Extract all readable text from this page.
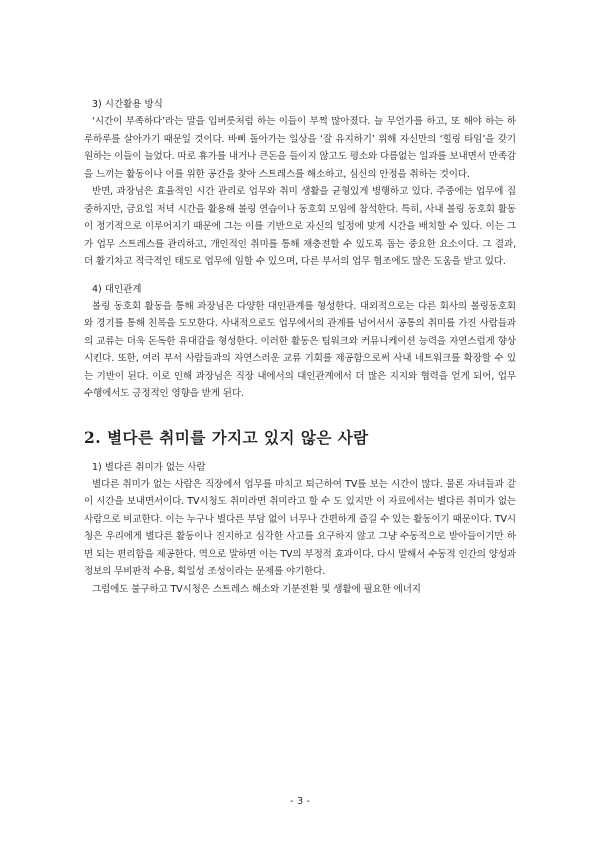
3) 시간활용 방식

‘시간이 부족하다’라는 말을 입버릇처럼 하는 이들이 부쩍 많아졌다. 늘 무언가를 하고, 또 해야 하는 하루하루를 살아가기 때문일 것이다. 바삐 돌아가는 일상을 ‘잘 유지하기’ 위해 자신만의 ‘힐링 타임’을 갖기 원하는 이들이 늘었다. 따로 휴가를 내거나 큰돈을 들이지 않고도 평소와 다름없는 일과를 보내면서 만족감을 느끼는 활동이나 이를 위한 공간을 찾아 스트레스를 해소하고, 심신의 안정을 취하는 것이다.

반면, 과장님은 효율적인 시간 관리로 업무와 취미 생활을 균형있게 병행하고 있다. 주중에는 업무에 집중하지만, 금요일 저녁 시간을 활용해 볼링 연습이나 동호회 모임에 참석한다. 특히, 사내 볼링 동호회 활동이 정기적으로 이루어지기 때문에 그는 이를 기반으로 자신의 일정에 맞게 시간을 배치할 수 있다. 이는 그가 업무 스트레스를 관리하고, 개인적인 취미를 통해 재충전할 수 있도록 돕는 중요한 요소이다. 그 결과, 더 활기차고 적극적인 태도로 업무에 임할 수 있으며, 다른 부서의 업무 협조에도 많은 도움을 받고 있다.

4) 대인관계

볼링 동호회 활동을 통해 과장님은 다양한 대인관계를 형성한다. 대외적으로는 다른 회사의 볼링동호회와 경기를 통해 친목을 도모한다. 사내적으로도 업무에서의 관계를 넘어서서 공통의 취미를 가진 사람들과의 교류는 더욱 돈독한 유대감을 형성한다. 이러한 활동은 팀워크와 커뮤니케이션 능력을 자연스럽게 향상시킨다. 또한, 여러 부서 사람들과의 자연스러운 교류 기회를 제공함으로써 사내 네트워크를 확장할 수 있는 기반이 된다. 이로 인해 과장님은 직장 내에서의 대인관계에서 더 많은 지지와 협력을 얻게 되어, 업무 수행에서도 긍정적인 영향을 받게 된다.

2. 별다른 취미를 가지고 있지 않은 사람

1) 별다른 취미가 없는 사람

별다른 취미가 없는 사람은 직장에서 업무를 마치고 퇴근하여 TV를 보는 시간이 많다. 물론 자녀들과 같이 시간을 보내면서이다. TV시청도 취미라면 취미라고 할 수 도 있지만 이 자료에서는 별다른 취미가 없는 사람으로 비교한다. 이는 누구나 별다른 부담 없이 너무나 간편하게 즐길 수 있는 활동이기 때문이다. TV시청은 우리에게 별다른 활동이나 진지하고 심각한 사고를 요구하지 않고 그냥 수동적으로 받아들이기만 하면 되는 편리함을 제공한다. 역으로 말하면 이는 TV의 부정적 효과이다. 다시 말해서 수동적 인간의 양성과 정보의 무비판적 수용, 획일성 조성이라는 문제를 야기한다.

그럼에도 불구하고 TV시청은 스트레스 해소와 기분전환 및 생활에 필요한 에너지

- 3 -
